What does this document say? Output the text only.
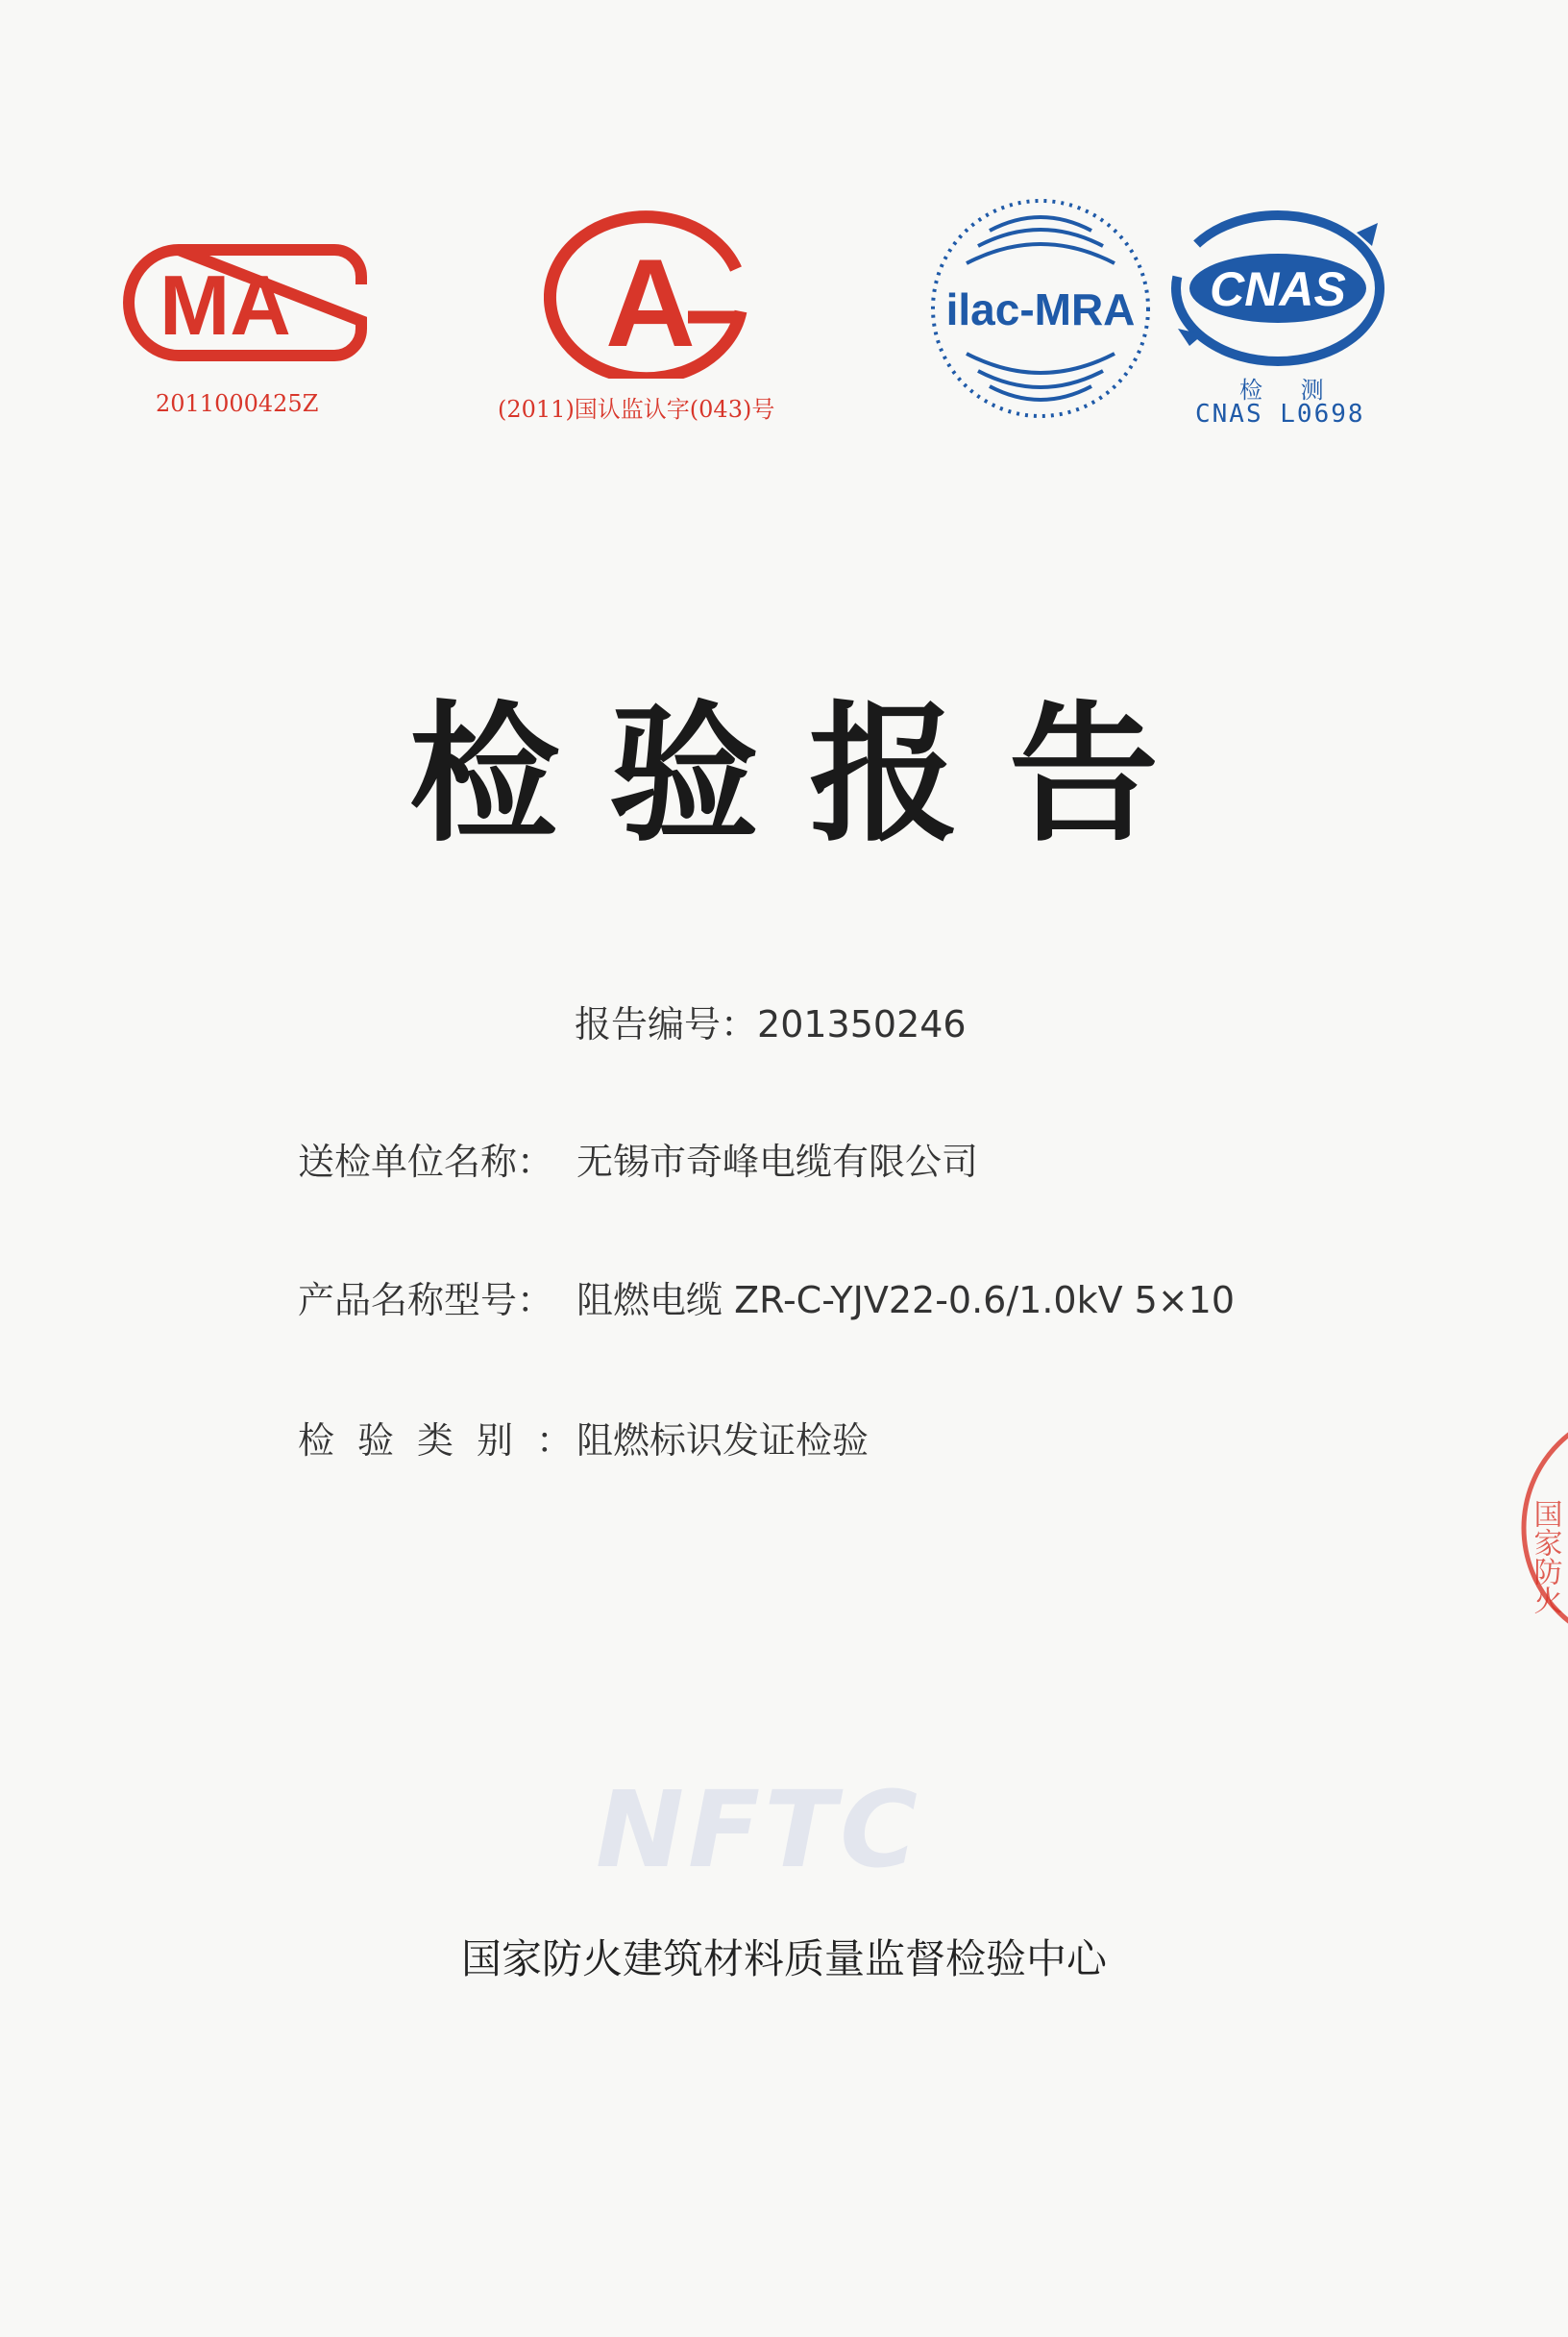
MA
2011000425Z
A
(2011)国认监认字(043)号
ilac-MRA CNAS
检 测
CNAS L0698
检验报告
报告编号：201350246
送检单位名称： 无锡市奇峰电缆有限公司
产品名称型号： 阻燃电缆 ZR-C-YJV22-0.6/1.0kV 5×10
检验类别：阻燃标识发证检验
NFTC
国家防火建筑材料质量监督检验中心
国家防火
